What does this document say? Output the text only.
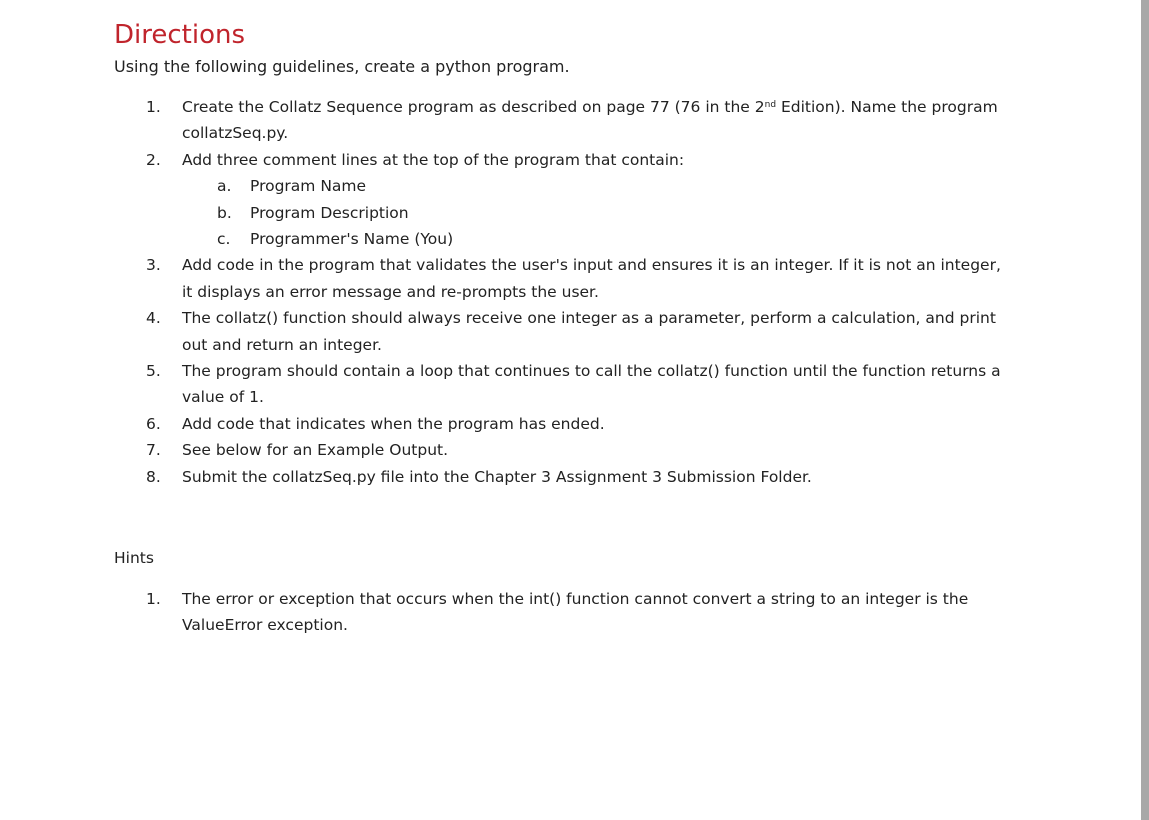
Directions

Using the following guidelines, create a python program.

1.	Create the Collatz Sequence program as described on page 77 (76 in the 2nd Edition). Name the program collatzSeq.py.
2.	Add three comment lines at the top of the program that contain:
a. Program Name
b. Program Description
c. Programmer's Name (You)
3.	Add code in the program that validates the user's input and ensures it is an integer. If it is not an integer, it displays an error message and re-prompts the user.
4.	The collatz() function should always receive one integer as a parameter, perform a calculation, and print out and return an integer.
5.	The program should contain a loop that continues to call the collatz() function until the function returns a value of 1.
6.	Add code that indicates when the program has ended.
7.	See below for an Example Output.
8.	Submit the collatzSeq.py file into the Chapter 3 Assignment 3 Submission Folder.

Hints

1.	The error or exception that occurs when the int() function cannot convert a string to an integer is the ValueError exception.
